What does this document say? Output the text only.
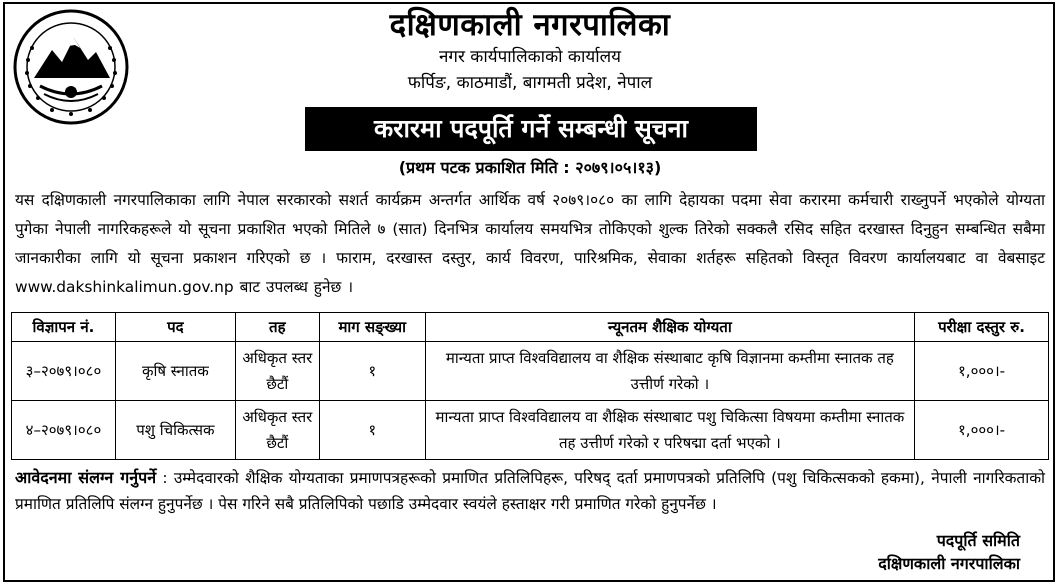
दक्षिणकाली नगरपालिका
नगर कार्यपालिकाको कार्यालय
फर्पिङ, काठमाडौं, बागमती प्रदेश, नेपाल
करारमा पदपूर्ति गर्ने सम्बन्धी सूचना
(प्रथम पटक प्रकाशित मिति : २०७९।०५।१३)
यस दक्षिणकाली नगरपालिकाका लागि नेपाल सरकारको सशर्त कार्यक्रम अन्तर्गत आर्थिक वर्ष २०७९।०८० का लागि देहायका पदमा सेवा करारमा कर्मचारी राख्नुपर्ने भएकोले योग्यता पुगेका नेपाली नागरिकहरूले यो सूचना प्रकाशित भएको मितिले ७ (सात) दिनभित्र कार्यालय समयभित्र तोकिएको शुल्क तिरेको सक्कलै रसिद सहित दरखास्त दिनुहुन सम्बन्धित सबैमा जानकारीका लागि यो सूचना प्रकाशन गरिएको छ । फाराम, दरखास्त दस्तुर, कार्य विवरण, पारिश्रमिक, सेवाका शर्तहरू सहितको विस्तृत विवरण कार्यालयबाट वा वेबसाइट www.dakshinkalimun.gov.np बाट उपलब्ध हुनेछ ।
विज्ञापन नं.	पद	तह	माग सङ्ख्या	न्यूनतम शैक्षिक योग्यता	परीक्षा दस्तुर रु.
३–२०७९।०८०	कृषि स्नातक	अधिकृत स्तर छैटौं	१	मान्यता प्राप्त विश्वविद्यालय वा शैक्षिक संस्थाबाट कृषि विज्ञानमा कम्तीमा स्नातक तह उत्तीर्ण गरेको ।	१,०००।-
४–२०७९।०८०	पशु चिकित्सक	अधिकृत स्तर छैटौं	१	मान्यता प्राप्त विश्वविद्यालय वा शैक्षिक संस्थाबाट पशु चिकित्सा विषयमा कम्तीमा स्नातक तह उत्तीर्ण गरेको र परिषद्मा दर्ता भएको ।	१,०००।-
आवेदनमा संलग्न गर्नुपर्ने : उम्मेदवारको शैक्षिक योग्यताका प्रमाणपत्रहरूको प्रमाणित प्रतिलिपिहरू, परिषद् दर्ता प्रमाणपत्रको प्रतिलिपि (पशु चिकित्सकको हकमा), नेपाली नागरिकताको प्रमाणित प्रतिलिपि संलग्न हुनुपर्नेछ । पेस गरिने सबै प्रतिलिपिको पछाडि उम्मेदवार स्वयंले हस्ताक्षर गरी प्रमाणित गरेको हुनुपर्नेछ ।
पदपूर्ति समिति
दक्षिणकाली नगरपालिका
